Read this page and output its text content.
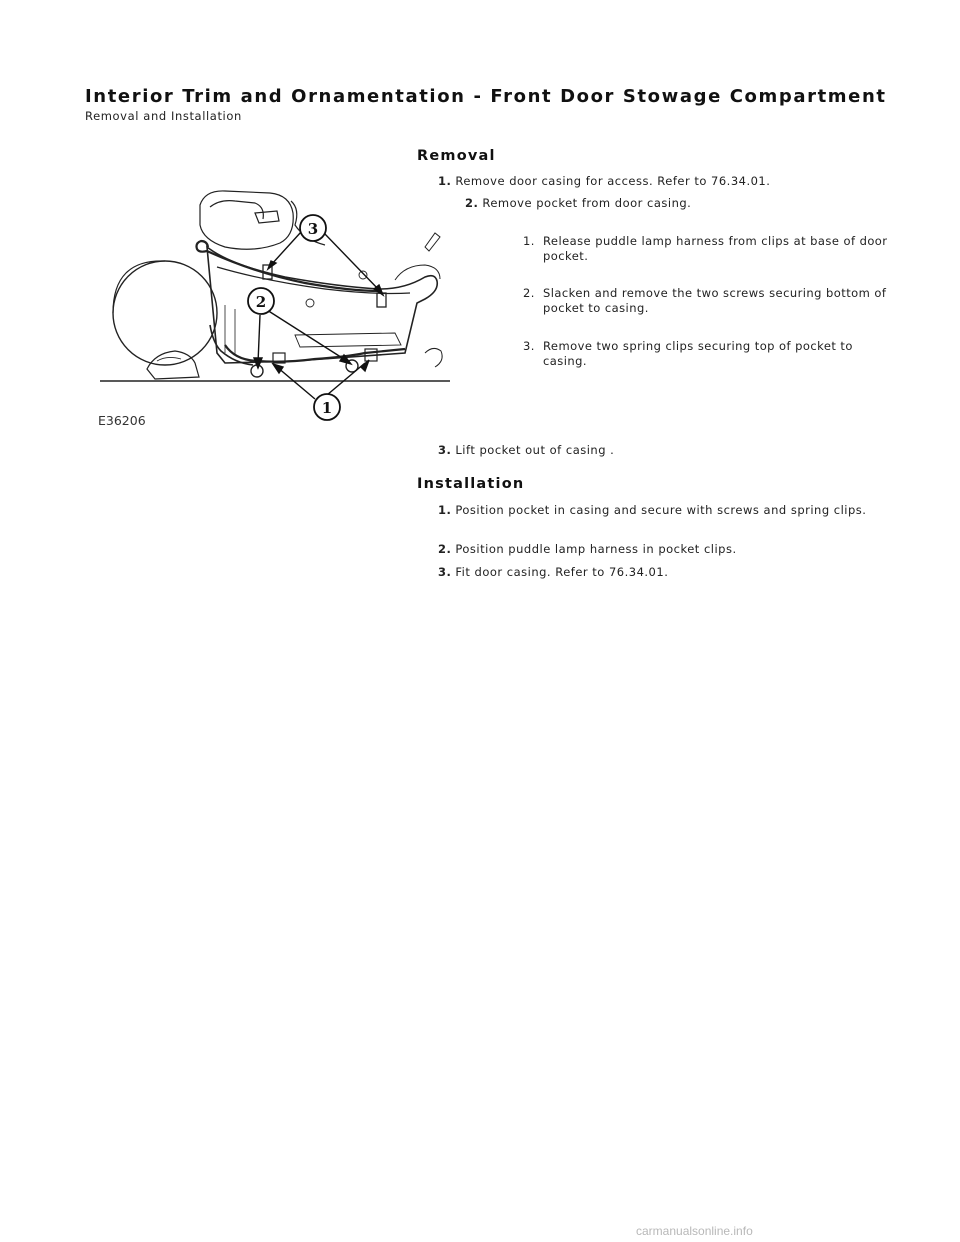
Interior Trim and Ornamentation - Front Door Stowage Compartment
Removal and Installation
Removal
1. Remove door casing for access. Refer to 76.34.01.
2. Remove pocket from door casing.
1. Release puddle lamp harness from clips at base of door pocket.
2. Slacken and remove the two screws securing bottom of pocket to casing.
3. Remove two spring clips securing top of pocket to casing.
3. Lift pocket out of casing .
3
2
1
E36206
Installation
1. Position pocket in casing and secure with screws and spring clips.
2. Position puddle lamp harness in pocket clips.
3. Fit door casing. Refer to 76.34.01.
carmanualsonline.info
